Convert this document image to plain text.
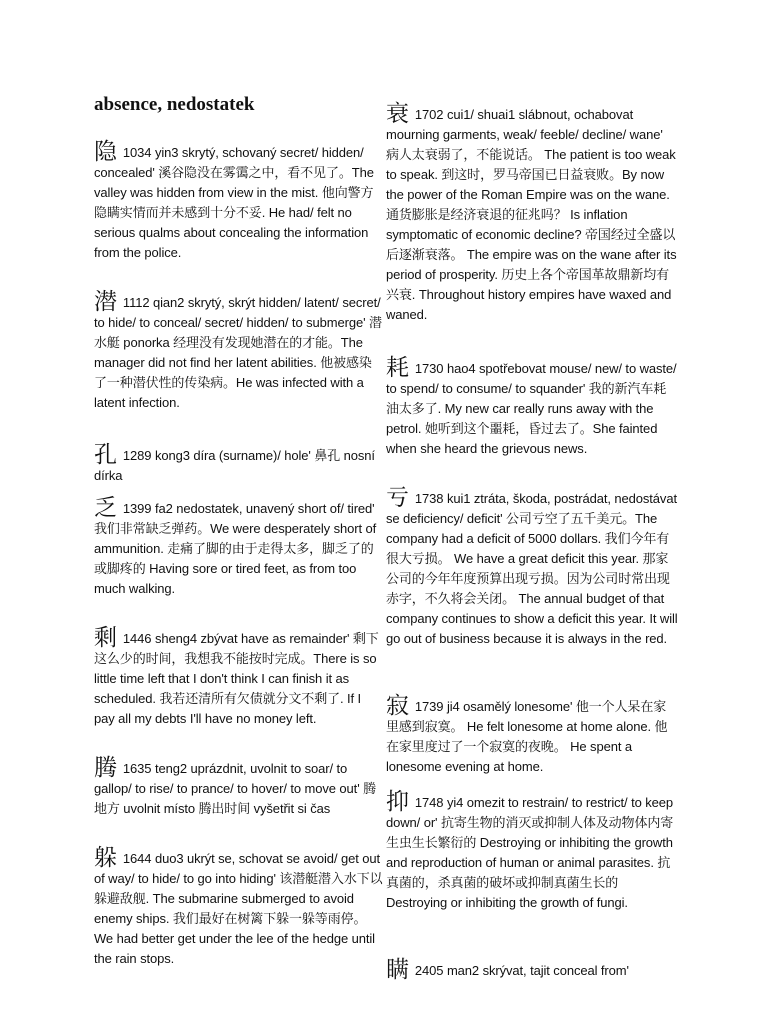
absence, nedostatek
隐 1034 yin3 skrytý, schovaný secret/ hidden/ concealed' 溪谷隐没在雾霭之中，看不见了。The valley was hidden from view in the mist. 他向警方隐瞒实情而并未感到十分不妥. He had/ felt no serious qualms about concealing the information from the police.
潜 1112 qian2 skrytý, skrýt hidden/ latent/ secret/ to hide/ to conceal/ secret/ hidden/ to submerge' 潜水艇 ponorka 经理没有发现她潜在的才能。The manager did not find her latent abilities. 他被感染了一种潜伏性的传染病。He was infected with a latent infection.
孔 1289 kong3 díra (surname)/ hole' 鼻孔 nosní dírka
乏 1399 fa2 nedostatek, unavený short of/ tired' 我们非常缺乏弹药。We were desperately short of ammunition. 走痛了脚的由于走得太多，脚乏了的或脚疼的 Having sore or tired feet, as from too much walking.
剩 1446 sheng4 zbývat have as remainder' 剩下这么少的时间，我想我不能按时完成。There is so little time left that I don't think I can finish it as scheduled. 我若还清所有欠债就分文不剩了. If I pay all my debts I'll have no money left.
腾 1635 teng2 uprázdnit, uvolnit to soar/ to gallop/ to rise/ to prance/ to hover/ to move out' 腾地方 uvolnit místo 腾出时间 vyšetřit si čas
躲 1644 duo3 ukrýt se, schovat se avoid/ get out of way/ to hide/ to go into hiding' 该潜艇潜入水下以躲避敌舰. The submarine submerged to avoid enemy ships. 我们最好在树篱下躲一躲等雨停。We had better get under the lee of the hedge until the rain stops.
衰 1702 cui1/ shuai1 slábnout, ochabovat mourning garments, weak/ feeble/ decline/ wane' 病人太衰弱了，不能说话。 The patient is too weak to speak. 到这时，罗马帝国已日益衰败。By now the power of the Roman Empire was on the wane. 通货膨胀是经济衰退的征兆吗？ Is inflation symptomatic of economic decline? 帝国经过全盛以后逐渐衰落。 The empire was on the wane after its period of prosperity. 历史上各个帝国革故鼎新均有兴衰. Throughout history empires have waxed and waned.
耗 1730 hao4 spotřebovat mouse/ new/ to waste/ to spend/ to consume/ to squander' 我的新汽车耗油太多了. My new car really runs away with the petrol. 她听到这个噩耗，昏过去了。She fainted when she heard the grievous news.
亏 1738 kui1 ztráta, škoda, postrádat, nedostávat se deficiency/ deficit' 公司亏空了五千美元。The company had a deficit of 5000 dollars. 我们今年有很大亏损。 We have a great deficit this year. 那家公司的今年年度预算出现亏损。因为公司时常出现赤字，不久将会关闭。 The annual budget of that company continues to show a deficit this year. It will go out of business because it is always in the red.
寂 1739 ji4 osamělý lonesome' 他一个人呆在家里感到寂寞。 He felt lonesome at home alone. 他在家里度过了一个寂寞的夜晚。 He spent a lonesome evening at home.
抑 1748 yi4 omezit to restrain/ to restrict/ to keep down/ or' 抗寄生物的消灭或抑制人体及动物体内寄生虫生长繁衍的 Destroying or inhibiting the growth and reproduction of human or animal parasites. 抗真菌的，杀真菌的破坏或抑制真菌生长的 Destroying or inhibiting the growth of fungi.
瞒 2405 man2 skrývat, tajit conceal from'
